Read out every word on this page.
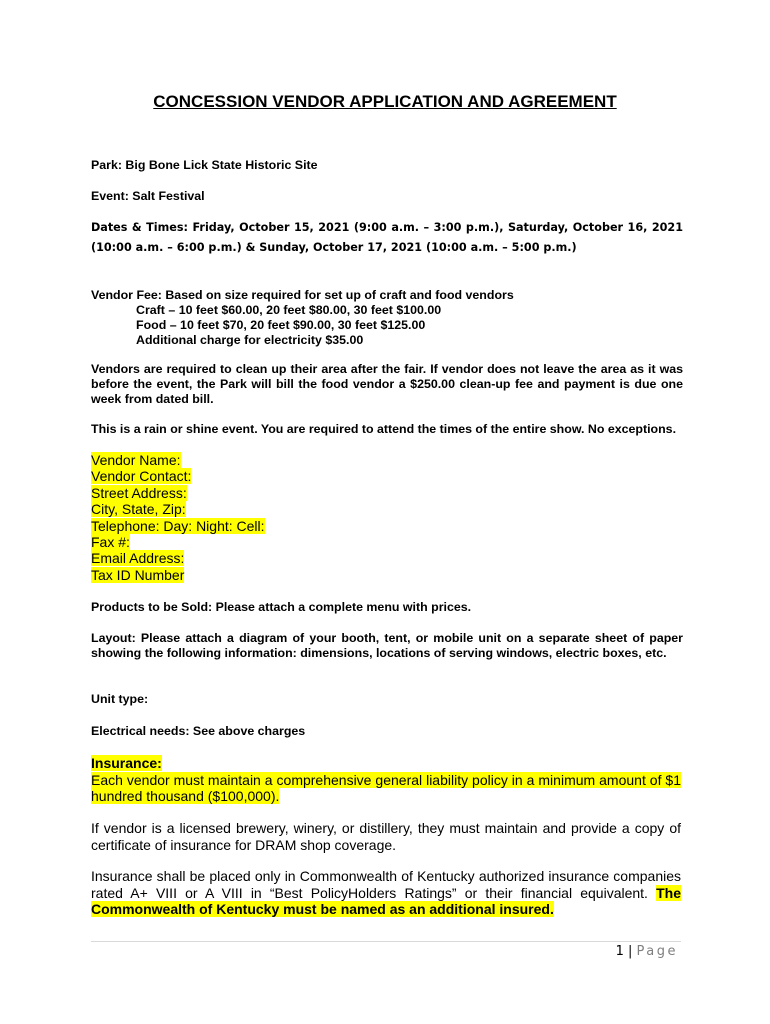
CONCESSION VENDOR APPLICATION AND AGREEMENT
Park: Big Bone Lick State Historic Site
Event: Salt Festival
Dates & Times: Friday, October 15, 2021 (9:00 a.m. – 3:00 p.m.), Saturday, October 16, 2021 (10:00 a.m. – 6:00 p.m.) & Sunday, October 17, 2021 (10:00 a.m. – 5:00 p.m.)
Vendor Fee: Based on size required for set up of craft and food vendors
Craft – 10 feet $60.00, 20 feet $80.00, 30 feet $100.00
Food – 10 feet $70, 20 feet $90.00, 30 feet $125.00
Additional charge for electricity $35.00
Vendors are required to clean up their area after the fair. If vendor does not leave the area as it was before the event, the Park will bill the food vendor a $250.00 clean-up fee and payment is due one week from dated bill.
This is a rain or shine event. You are required to attend the times of the entire show. No exceptions.
Vendor Name:
Vendor Contact:
Street Address:
City, State, Zip:
Telephone: Day: Night: Cell:
Fax #:
Email Address:
Tax ID Number
Products to be Sold: Please attach a complete menu with prices.
Layout: Please attach a diagram of your booth, tent, or mobile unit on a separate sheet of paper showing the following information: dimensions, locations of serving windows, electric boxes, etc.
Unit type:
Electrical needs: See above charges
Insurance:
Each vendor must maintain a comprehensive general liability policy in a minimum amount of $1 hundred thousand ($100,000).
If vendor is a licensed brewery, winery, or distillery, they must maintain and provide a copy of certificate of insurance for DRAM shop coverage.
Insurance shall be placed only in Commonwealth of Kentucky authorized insurance companies rated A+ VIII or A VIII in “Best PolicyHolders Ratings” or their financial equivalent. The Commonwealth of Kentucky must be named as an additional insured.
1 | Page
